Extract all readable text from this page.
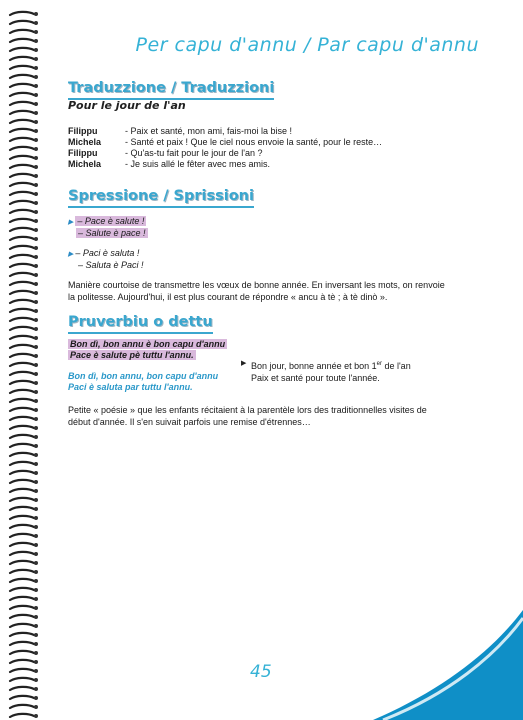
Per capu d'annu / Par capu d'annu
Traduzzione / Traduzzioni
Pour le jour de l'an
Filippu	- Paix et santé, mon ami, fais-moi la bise !
Michela	- Santé et paix ! Que le ciel nous envoie la santé, pour le reste…
Filippu	- Qu'as-tu fait pour le jour de l'an ?
Michela	- Je suis allé le fêter avec mes amis.
Spressione / Sprissioni
▶ – Pace è salute !
– Salute è pace !
▶ – Paci è saluta !
– Saluta è Paci !
Manière courtoise de transmettre les vœux de bonne année. En inversant les mots, on renvoie la politesse. Aujourd'hui, il est plus courant de répondre « ancu à tè ; à tè dinò ».
Pruverbiu o dettu
Bon dì, bon annu è bon capu d'annu
Pace è salute pè tuttu l'annu.
Bon dì, bon annu, bon capu d'annu
Paci è saluta par tuttu l'annu.
▶ Bon jour, bonne année et bon 1er de l'an
Paix et santé pour toute l'année.
Petite « poésie » que les enfants récitaient à la parentèle lors des traditionnelles visites de début d'année. Il s'en suivait parfois une remise d'étrennes…
45
